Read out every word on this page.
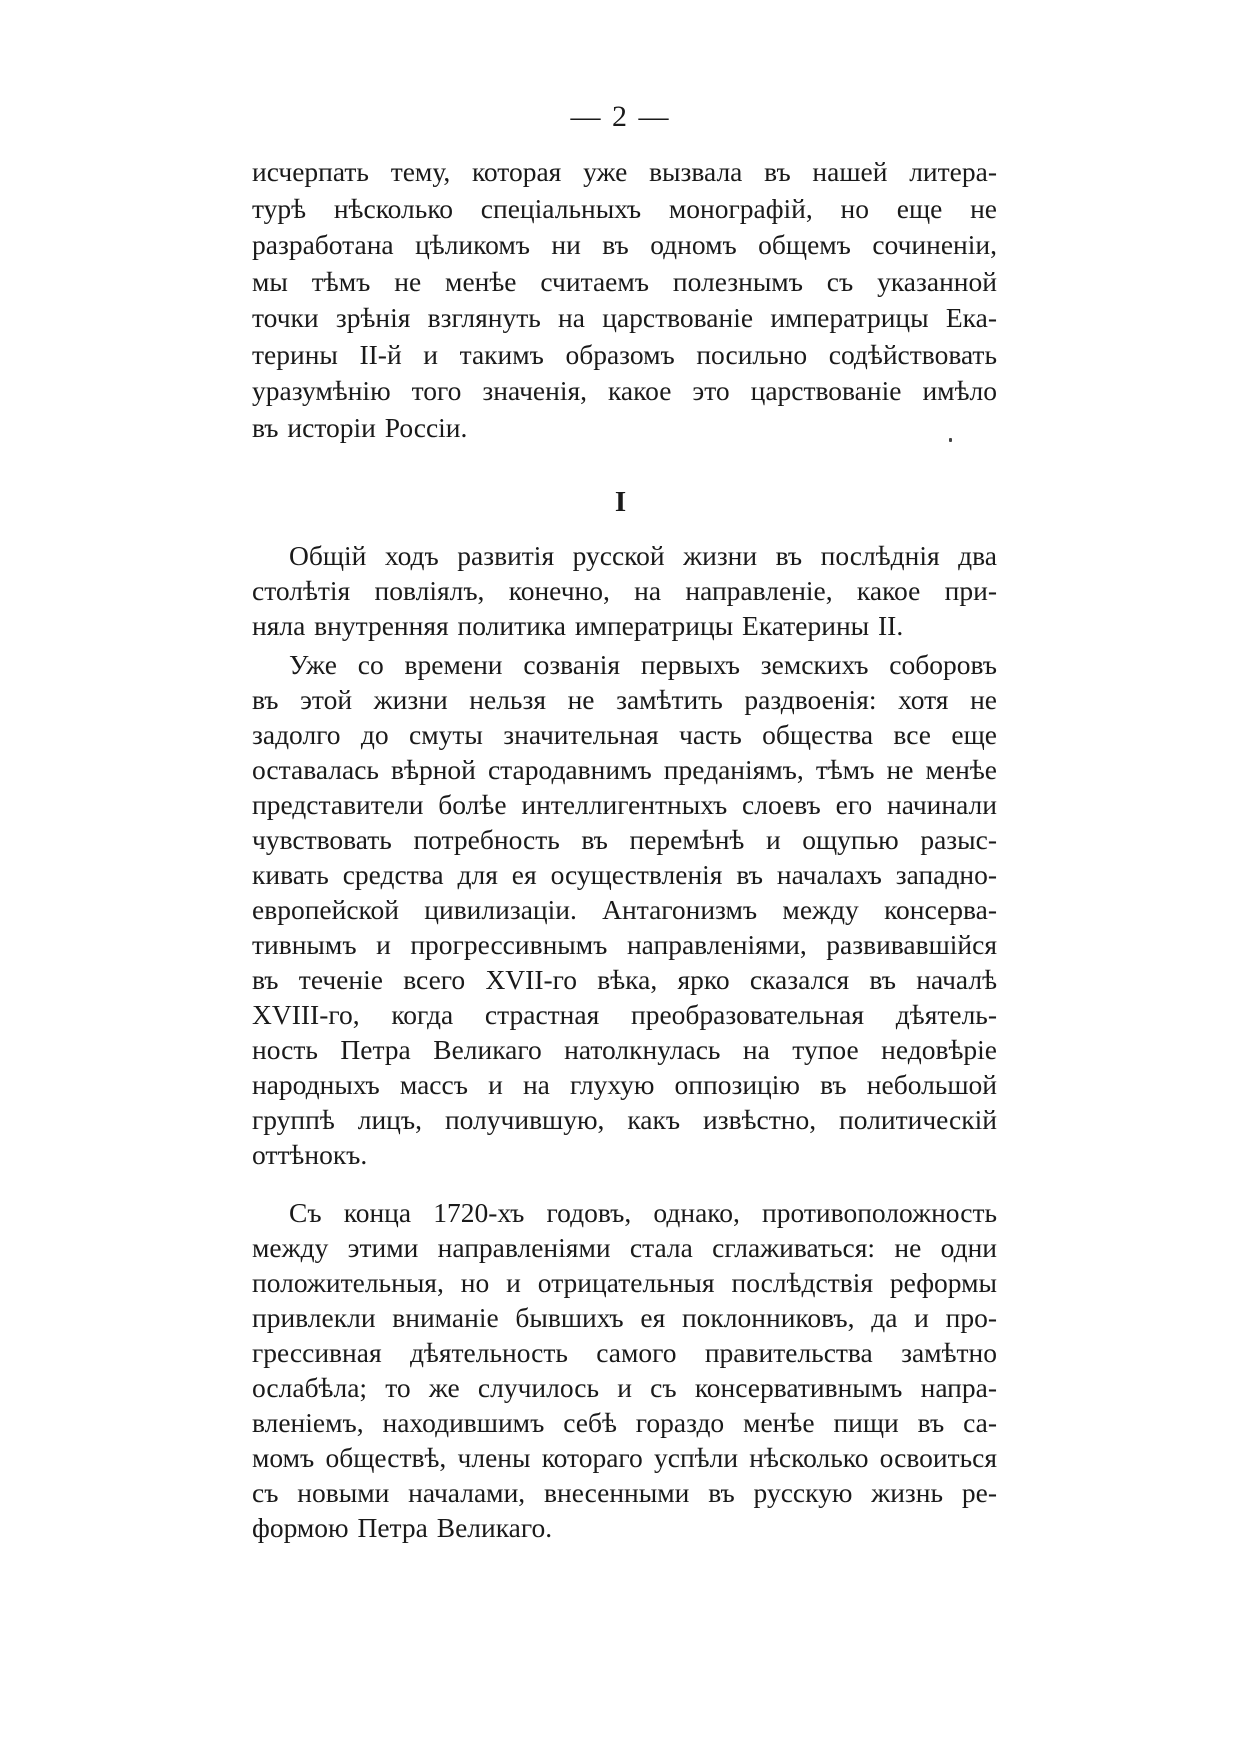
— 2 —
исчерпать тему, которая уже вызвала въ нашей литера-
турѣ нѣсколько спеціальныхъ монографій, но еще не
разработана цѣликомъ ни въ одномъ общемъ сочиненіи,
мы тѣмъ не менѣе считаемъ полезнымъ съ указанной
точки зрѣнія взглянуть на царствованіе императрицы Ека-
терины II-й и такимъ образомъ посильно содѣйствовать
уразумѣнію того значенія, какое это царствованіе имѣло
въ исторіи Россіи.
I
Общій ходъ развитія русской жизни въ послѣднія два
столѣтія повліялъ, конечно, на направленіе, какое при-
няла внутренняя политика императрицы Екатерины II.
Уже со времени созванія первыхъ земскихъ соборовъ
въ этой жизни нельзя не замѣтить раздвоенія: хотя не
задолго до смуты значительная часть общества все еще
оставалась вѣрной стародавнимъ преданіямъ, тѣмъ не менѣе
представители болѣе интеллигентныхъ слоевъ его начинали
чувствовать потребность въ перемѣнѣ и ощупью разыс-
кивать средства для ея осуществленія въ началахъ западно-
европейской цивилизаціи. Антагонизмъ между консерва-
тивнымъ и прогрессивнымъ направленіями, развивавшійся
въ теченіе всего XVII-го вѣка, ярко сказался въ началѣ
XVIII-го, когда страстная преобразовательная дѣятель-
ность Петра Великаго натолкнулась на тупое недовѣріе
народныхъ массъ и на глухую оппозицію въ небольшой
группѣ лицъ, получившую, какъ извѣстно, политическій
оттѣнокъ.
Съ конца 1720-хъ годовъ, однако, противоположность
между этими направленіями стала сглаживаться: не одни
положительныя, но и отрицательныя послѣдствія реформы
привлекли вниманіе бывшихъ ея поклонниковъ, да и про-
грессивная дѣятельность самого правительства замѣтно
ослабѣла; то же случилось и съ консервативнымъ напра-
вленіемъ, находившимъ себѣ гораздо менѣе пищи въ са-
момъ обществѣ, члены котораго успѣли нѣсколько освоиться
съ новыми началами, внесенными въ русскую жизнь ре-
формою Петра Великаго.
